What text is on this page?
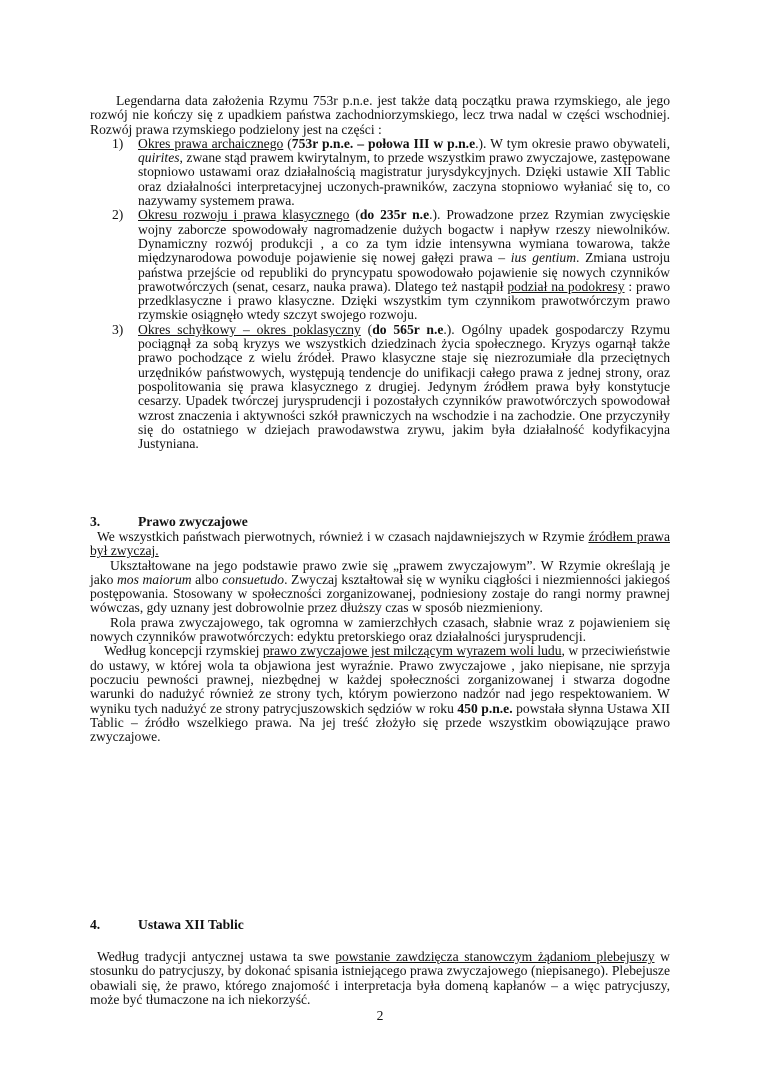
Legendarna data założenia Rzymu 753r p.n.e. jest także datą początku prawa rzymskiego, ale jego rozwój nie kończy się z upadkiem państwa zachodniorzymskiego, lecz trwa nadal w części wschodniej. Rozwój prawa rzymskiego podzielony jest na części :

1) Okres prawa archaicznego (753r p.n.e. – połowa III w p.n.e.). W tym okresie prawo obywateli, quirites, zwane stąd prawem kwirytalnym, to przede wszystkim prawo zwyczajowe, zastępowane stopniowo ustawami oraz działalnością magistratur jurysdykcyjnych. Dzięki ustawie XII Tablic oraz działalności interpretacyjnej uczonych-prawników, zaczyna stopniowo wyłaniać się to, co nazywamy systemem prawa.
2) Okresu rozwoju i prawa klasycznego (do 235r n.e.). Prowadzone przez Rzymian zwycięskie wojny zaborcze spowodowały nagromadzenie dużych bogactw i napływ rzeszy niewolników. Dynamiczny rozwój produkcji , a co za tym idzie intensywna wymiana towarowa, także międzynarodowa powoduje pojawienie się nowej gałęzi prawa – ius gentium. Zmiana ustroju państwa przejście od republiki do pryncypatu spowodowało pojawienie się nowych czynników prawotwórczych (senat, cesarz, nauka prawa). Dlatego też nastąpił podział na podokresy : prawo przedklasyczne i prawo klasyczne. Dzięki wszystkim tym czynnikom prawotwórczym prawo rzymskie osiągnęło wtedy szczyt swojego rozwoju.
3) Okres schyłkowy – okres poklasyczny (do 565r n.e.). Ogólny upadek gospodarczy Rzymu pociągnął za sobą kryzys we wszystkich dziedzinach życia społecznego. Kryzys ogarnął także prawo pochodzące z wielu źródeł. Prawo klasyczne staje się niezrozumiałe dla przeciętnych urzędników państwowych, występują tendencje do unifikacji całego prawa z jednej strony, oraz pospolitowania się prawa klasycznego z drugiej. Jedynym źródłem prawa były konstytucje cesarzy. Upadek twórczej jurysprudencji i pozostałych czynników prawotwórczych spowodował wzrost znaczenia i aktywności szkół prawniczych na wschodzie i na zachodzie. One przyczyniły się do ostatniego w dziejach prawodawstwa zrywu, jakim była działalność kodyfikacyjna Justyniana.
3.	Prawo zwyczajowe

We wszystkich państwach pierwotnych, również i w czasach najdawniejszych w Rzymie źródłem prawa był zwyczaj.

Ukształtowane na jego podstawie prawo zwie się „prawem zwyczajowym”. W Rzymie określają je jako mos maiorum albo consuetudo. Zwyczaj kształtował się w wyniku ciągłości i niezmienności jakiegoś postępowania. Stosowany w społeczności zorganizowanej, podniesiony zostaje do rangi normy prawnej wówczas, gdy uznany jest dobrowolnie przez dłuższy czas w sposób niezmieniony.

Rola prawa zwyczajowego, tak ogromna w zamierzchłych czasach, słabnie wraz z pojawieniem się nowych czynników prawotwórczych: edyktu pretorskiego oraz działalności jurysprudencji.

Według koncepcji rzymskiej prawo zwyczajowe jest milczącym wyrazem woli ludu, w przeciwieństwie do ustawy, w której wola ta objawiona jest wyraźnie. Prawo zwyczajowe , jako niepisane, nie sprzyja poczuciu pewności prawnej, niezbędnej w każdej społeczności zorganizowanej i stwarza dogodne warunki do nadużyć również ze strony tych, którym powierzono nadzór nad jego respektowaniem. W wyniku tych nadużyć ze strony patrycjuszowskich sędziów w roku 450 p.n.e. powstała słynna Ustawa XII Tablic – źródło wszelkiego prawa. Na jej treść złożyło się przede wszystkim obowiązujące prawo zwyczajowe.

4.	Ustawa XII Tablic

Według tradycji antycznej ustawa ta swe powstanie zawdzięcza stanowczym żądaniom plebejuszy w stosunku do patrycjuszy, by dokonać spisania istniejącego prawa zwyczajowego (niepisanego). Plebejusze obawiali się, że prawo, którego znajomość i interpretacja była domeną kapłanów – a więc patrycjuszy, może być tłumaczone na ich niekorzyść.

2
